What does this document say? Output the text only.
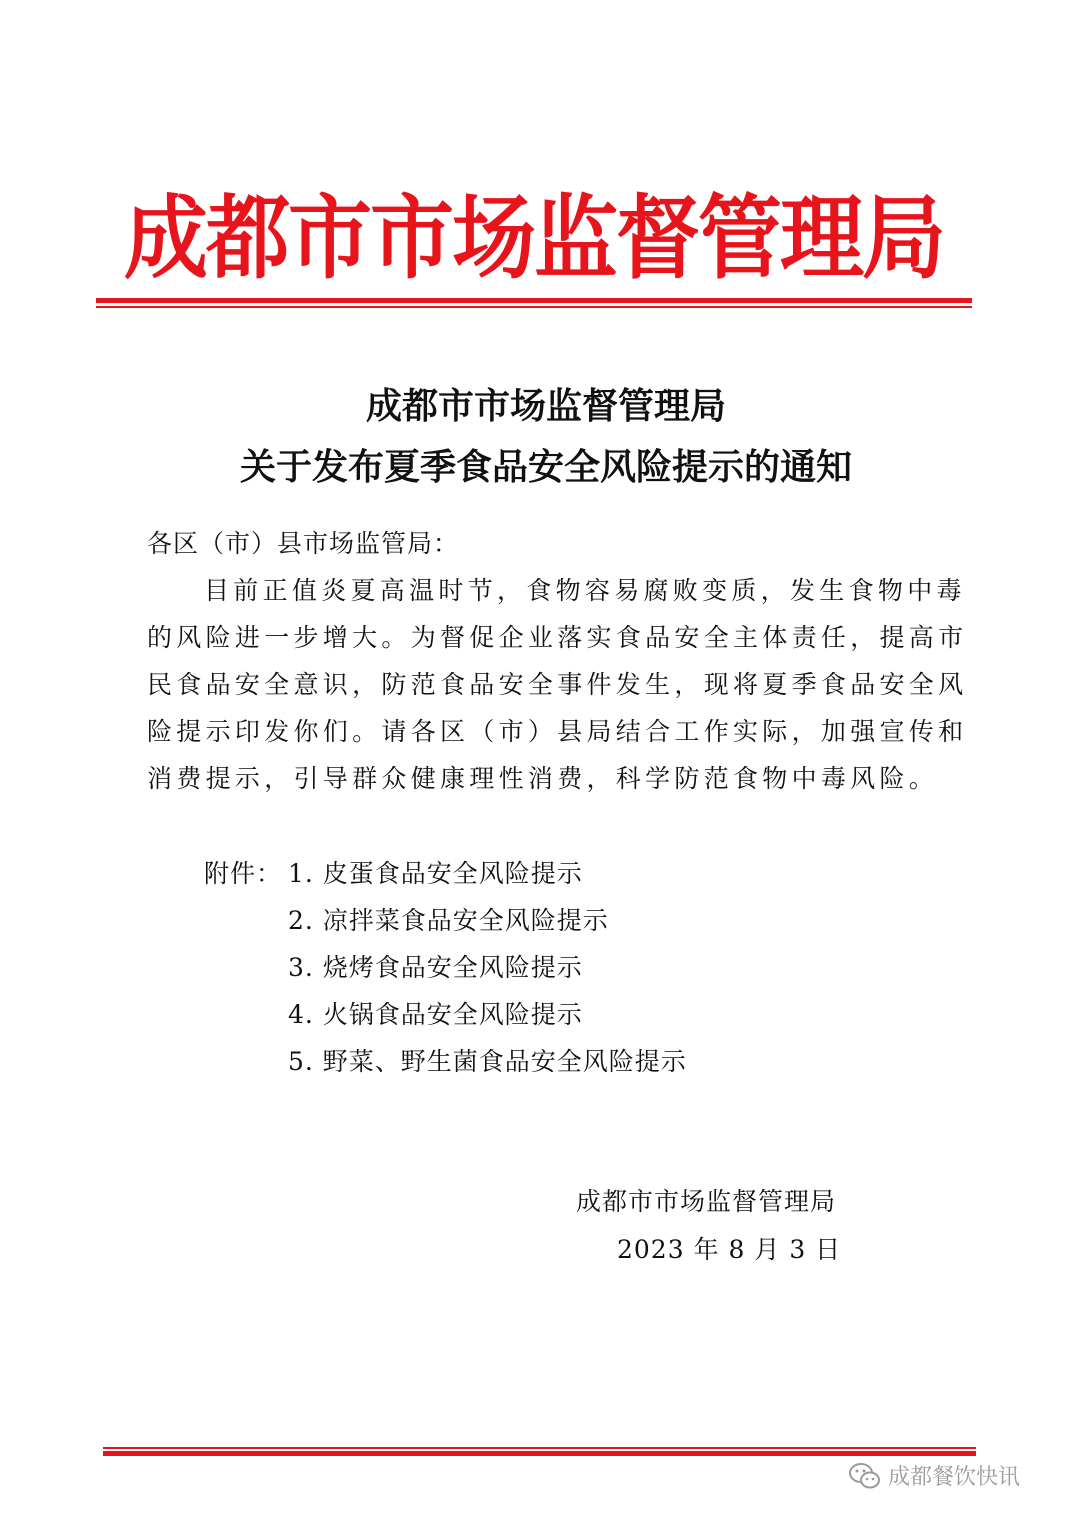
成都市市场监督管理局
成都市市场监督管理局
关于发布夏季食品安全风险提示的通知
各区（市）县市场监管局：
目前正值炎夏高温时节，食物容易腐败变质，发生食物中毒
的风险进一步增大。为督促企业落实食品安全主体责任，提高市
民食品安全意识，防范食品安全事件发生，现将夏季食品安全风
险提示印发你们。请各区（市）县局结合工作实际，加强宣传和
消费提示，引导群众健康理性消费，科学防范食物中毒风险。
附件： 1. 皮蛋食品安全风险提示
2. 凉拌菜食品安全风险提示
3. 烧烤食品安全风险提示
4. 火锅食品安全风险提示
5. 野菜、野生菌食品安全风险提示
成都市市场监督管理局
2023 年 8 月 3 日
成都餐饮快讯
